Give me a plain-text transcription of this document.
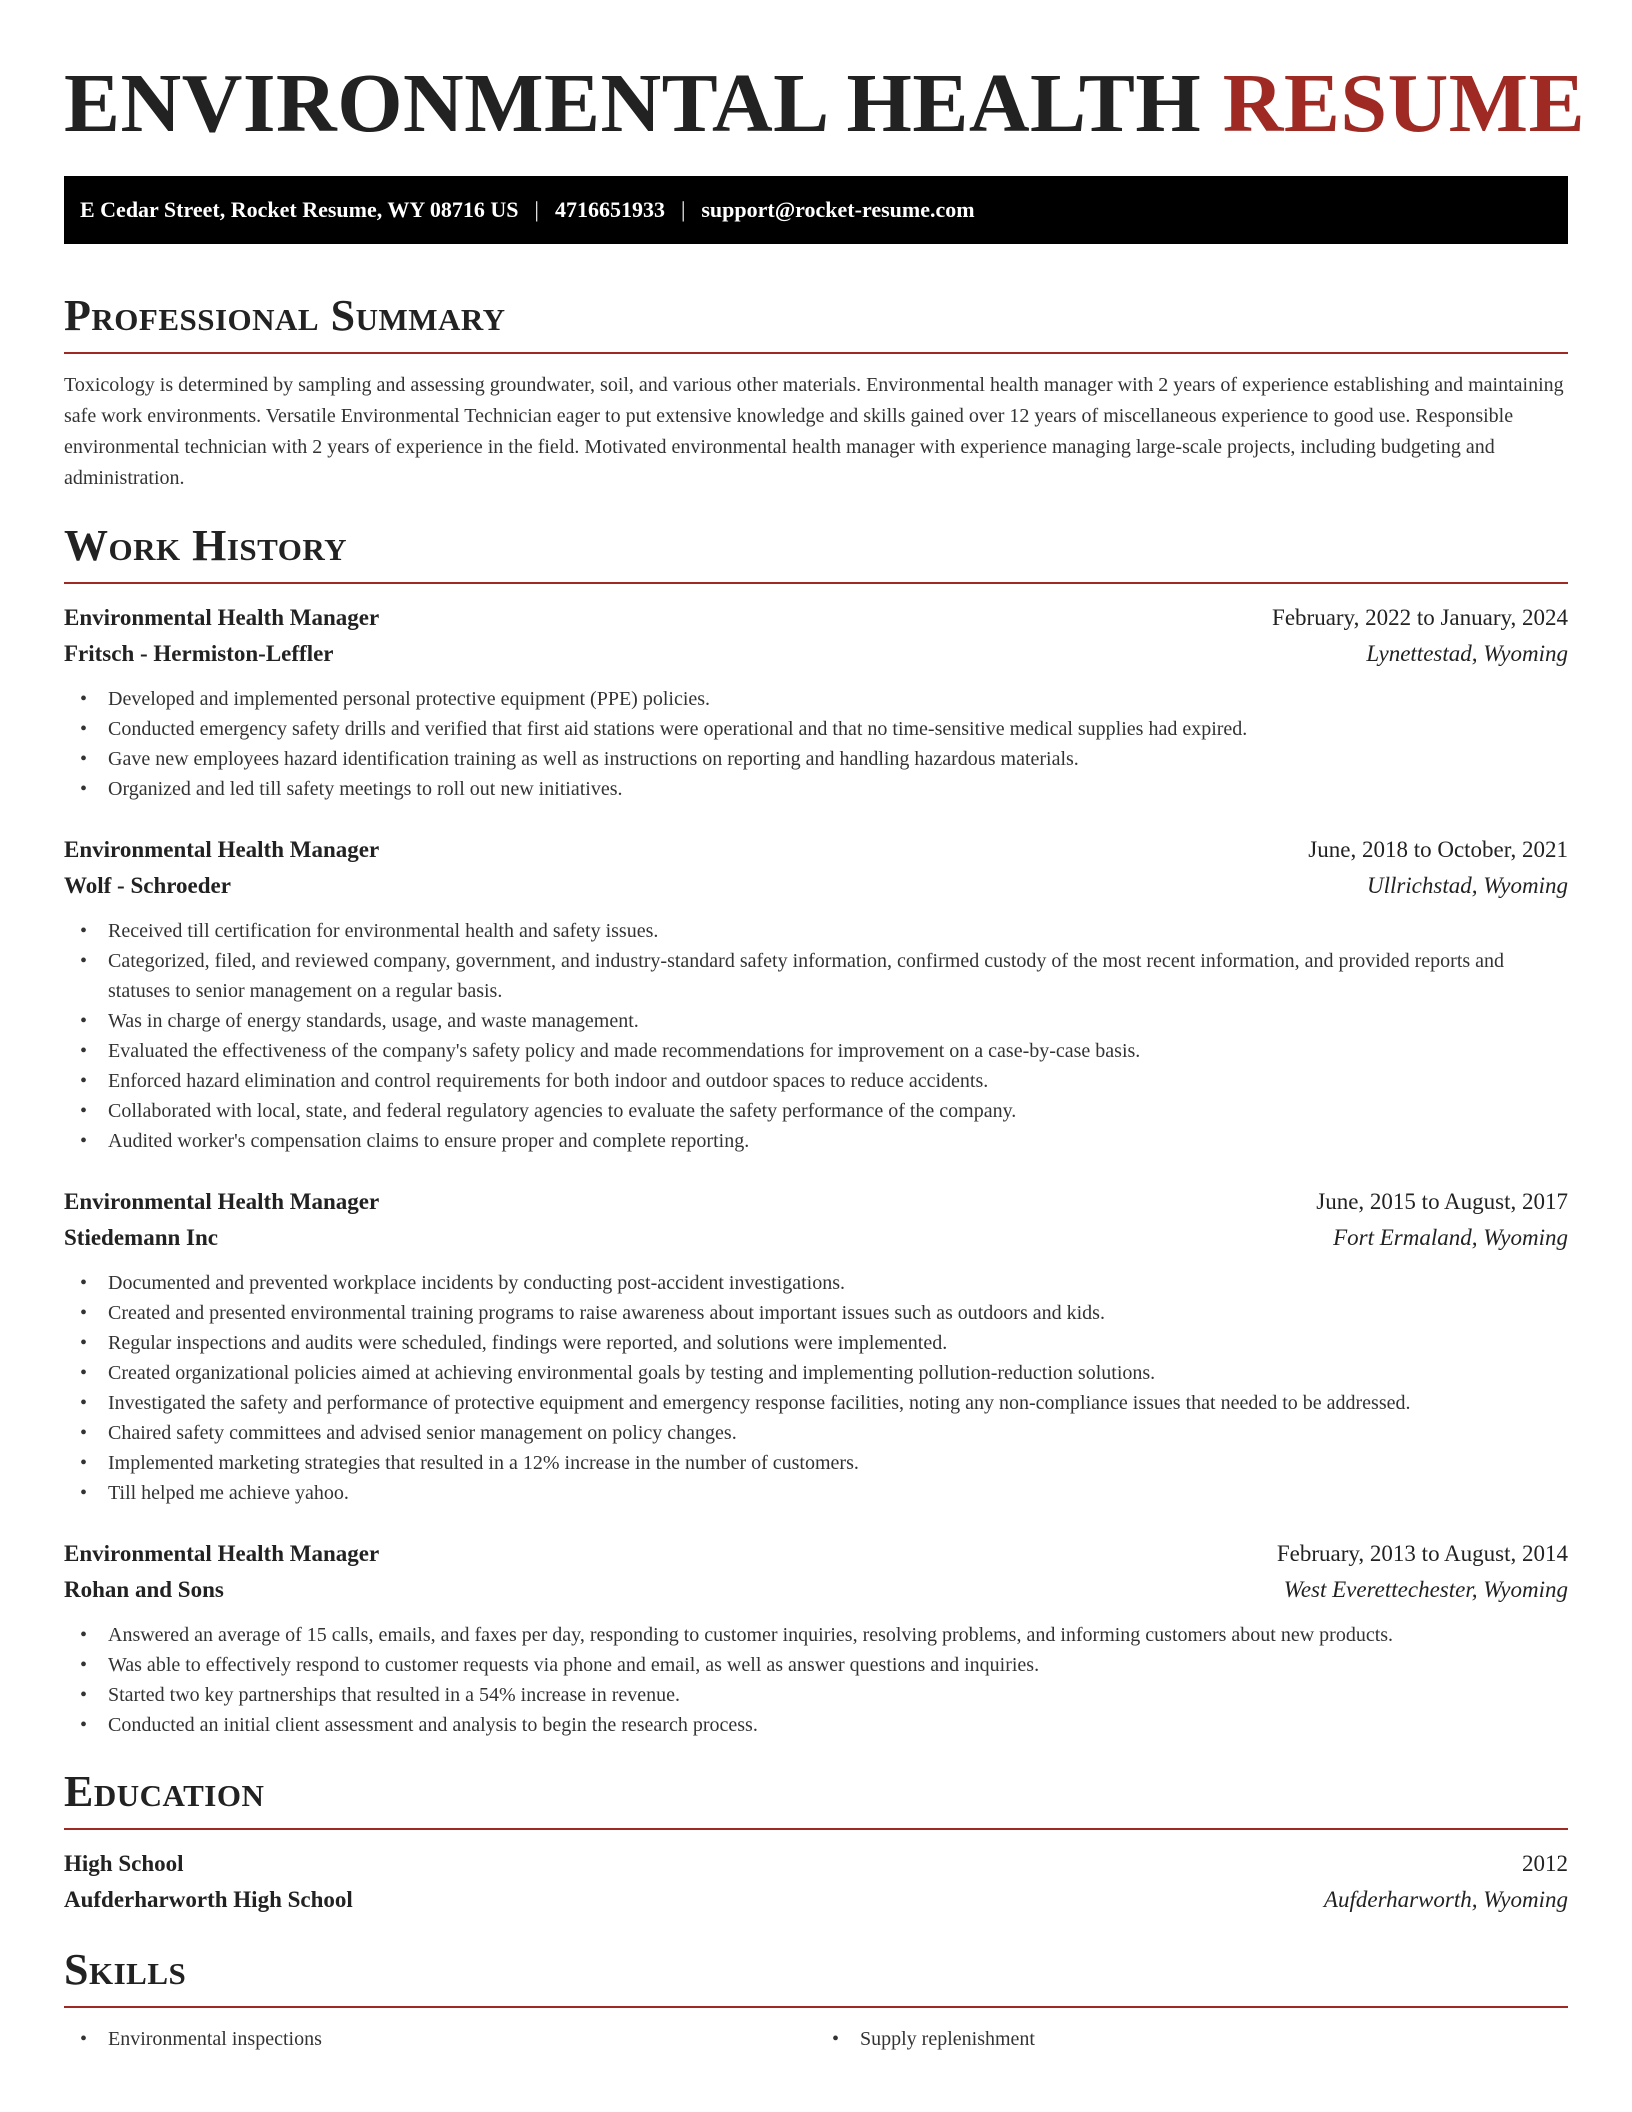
ENVIRONMENTAL HEALTH RESUME
E Cedar Street, Rocket Resume, WY 08716 US | 4716651933 | support@rocket-resume.com
Professional Summary

Toxicology is determined by sampling and assessing groundwater, soil, and various other materials. Environmental health manager with 2 years of experience establishing and maintaining safe work environments. Versatile Environmental Technician eager to put extensive knowledge and skills gained over 12 years of miscellaneous experience to good use. Responsible environmental technician with 2 years of experience in the field. Motivated environmental health manager with experience managing large-scale projects, including budgeting and administration.

Work History
Environmental Health Manager	February, 2022 to January, 2024
Fritsch - Hermiston-Leffler	Lynettestad, Wyoming
• Developed and implemented personal protective equipment (PPE) policies.
• Conducted emergency safety drills and verified that first aid stations were operational and that no time-sensitive medical supplies had expired.
• Gave new employees hazard identification training as well as instructions on reporting and handling hazardous materials.
• Organized and led till safety meetings to roll out new initiatives.
Environmental Health Manager	June, 2018 to October, 2021
Wolf - Schroeder	Ullrichstad, Wyoming
• Received till certification for environmental health and safety issues.
• Categorized, filed, and reviewed company, government, and industry-standard safety information, confirmed custody of the most recent information, and provided reports and statuses to senior management on a regular basis.
• Was in charge of energy standards, usage, and waste management.
• Evaluated the effectiveness of the company's safety policy and made recommendations for improvement on a case-by-case basis.
• Enforced hazard elimination and control requirements for both indoor and outdoor spaces to reduce accidents.
• Collaborated with local, state, and federal regulatory agencies to evaluate the safety performance of the company.
• Audited worker's compensation claims to ensure proper and complete reporting.
Environmental Health Manager	June, 2015 to August, 2017
Stiedemann Inc	Fort Ermaland, Wyoming
• Documented and prevented workplace incidents by conducting post-accident investigations.
• Created and presented environmental training programs to raise awareness about important issues such as outdoors and kids.
• Regular inspections and audits were scheduled, findings were reported, and solutions were implemented.
• Created organizational policies aimed at achieving environmental goals by testing and implementing pollution-reduction solutions.
• Investigated the safety and performance of protective equipment and emergency response facilities, noting any non-compliance issues that needed to be addressed.
• Chaired safety committees and advised senior management on policy changes.
• Implemented marketing strategies that resulted in a 12% increase in the number of customers.
• Till helped me achieve yahoo.
Environmental Health Manager	February, 2013 to August, 2014
Rohan and Sons	West Everettechester, Wyoming
• Answered an average of 15 calls, emails, and faxes per day, responding to customer inquiries, resolving problems, and informing customers about new products.
• Was able to effectively respond to customer requests via phone and email, as well as answer questions and inquiries.
• Started two key partnerships that resulted in a 54% increase in revenue.
• Conducted an initial client assessment and analysis to begin the research process.
Education
High School	2012
Aufderharworth High School	Aufderharworth, Wyoming
Skills
• Environmental inspections
•	Supply replenishment
